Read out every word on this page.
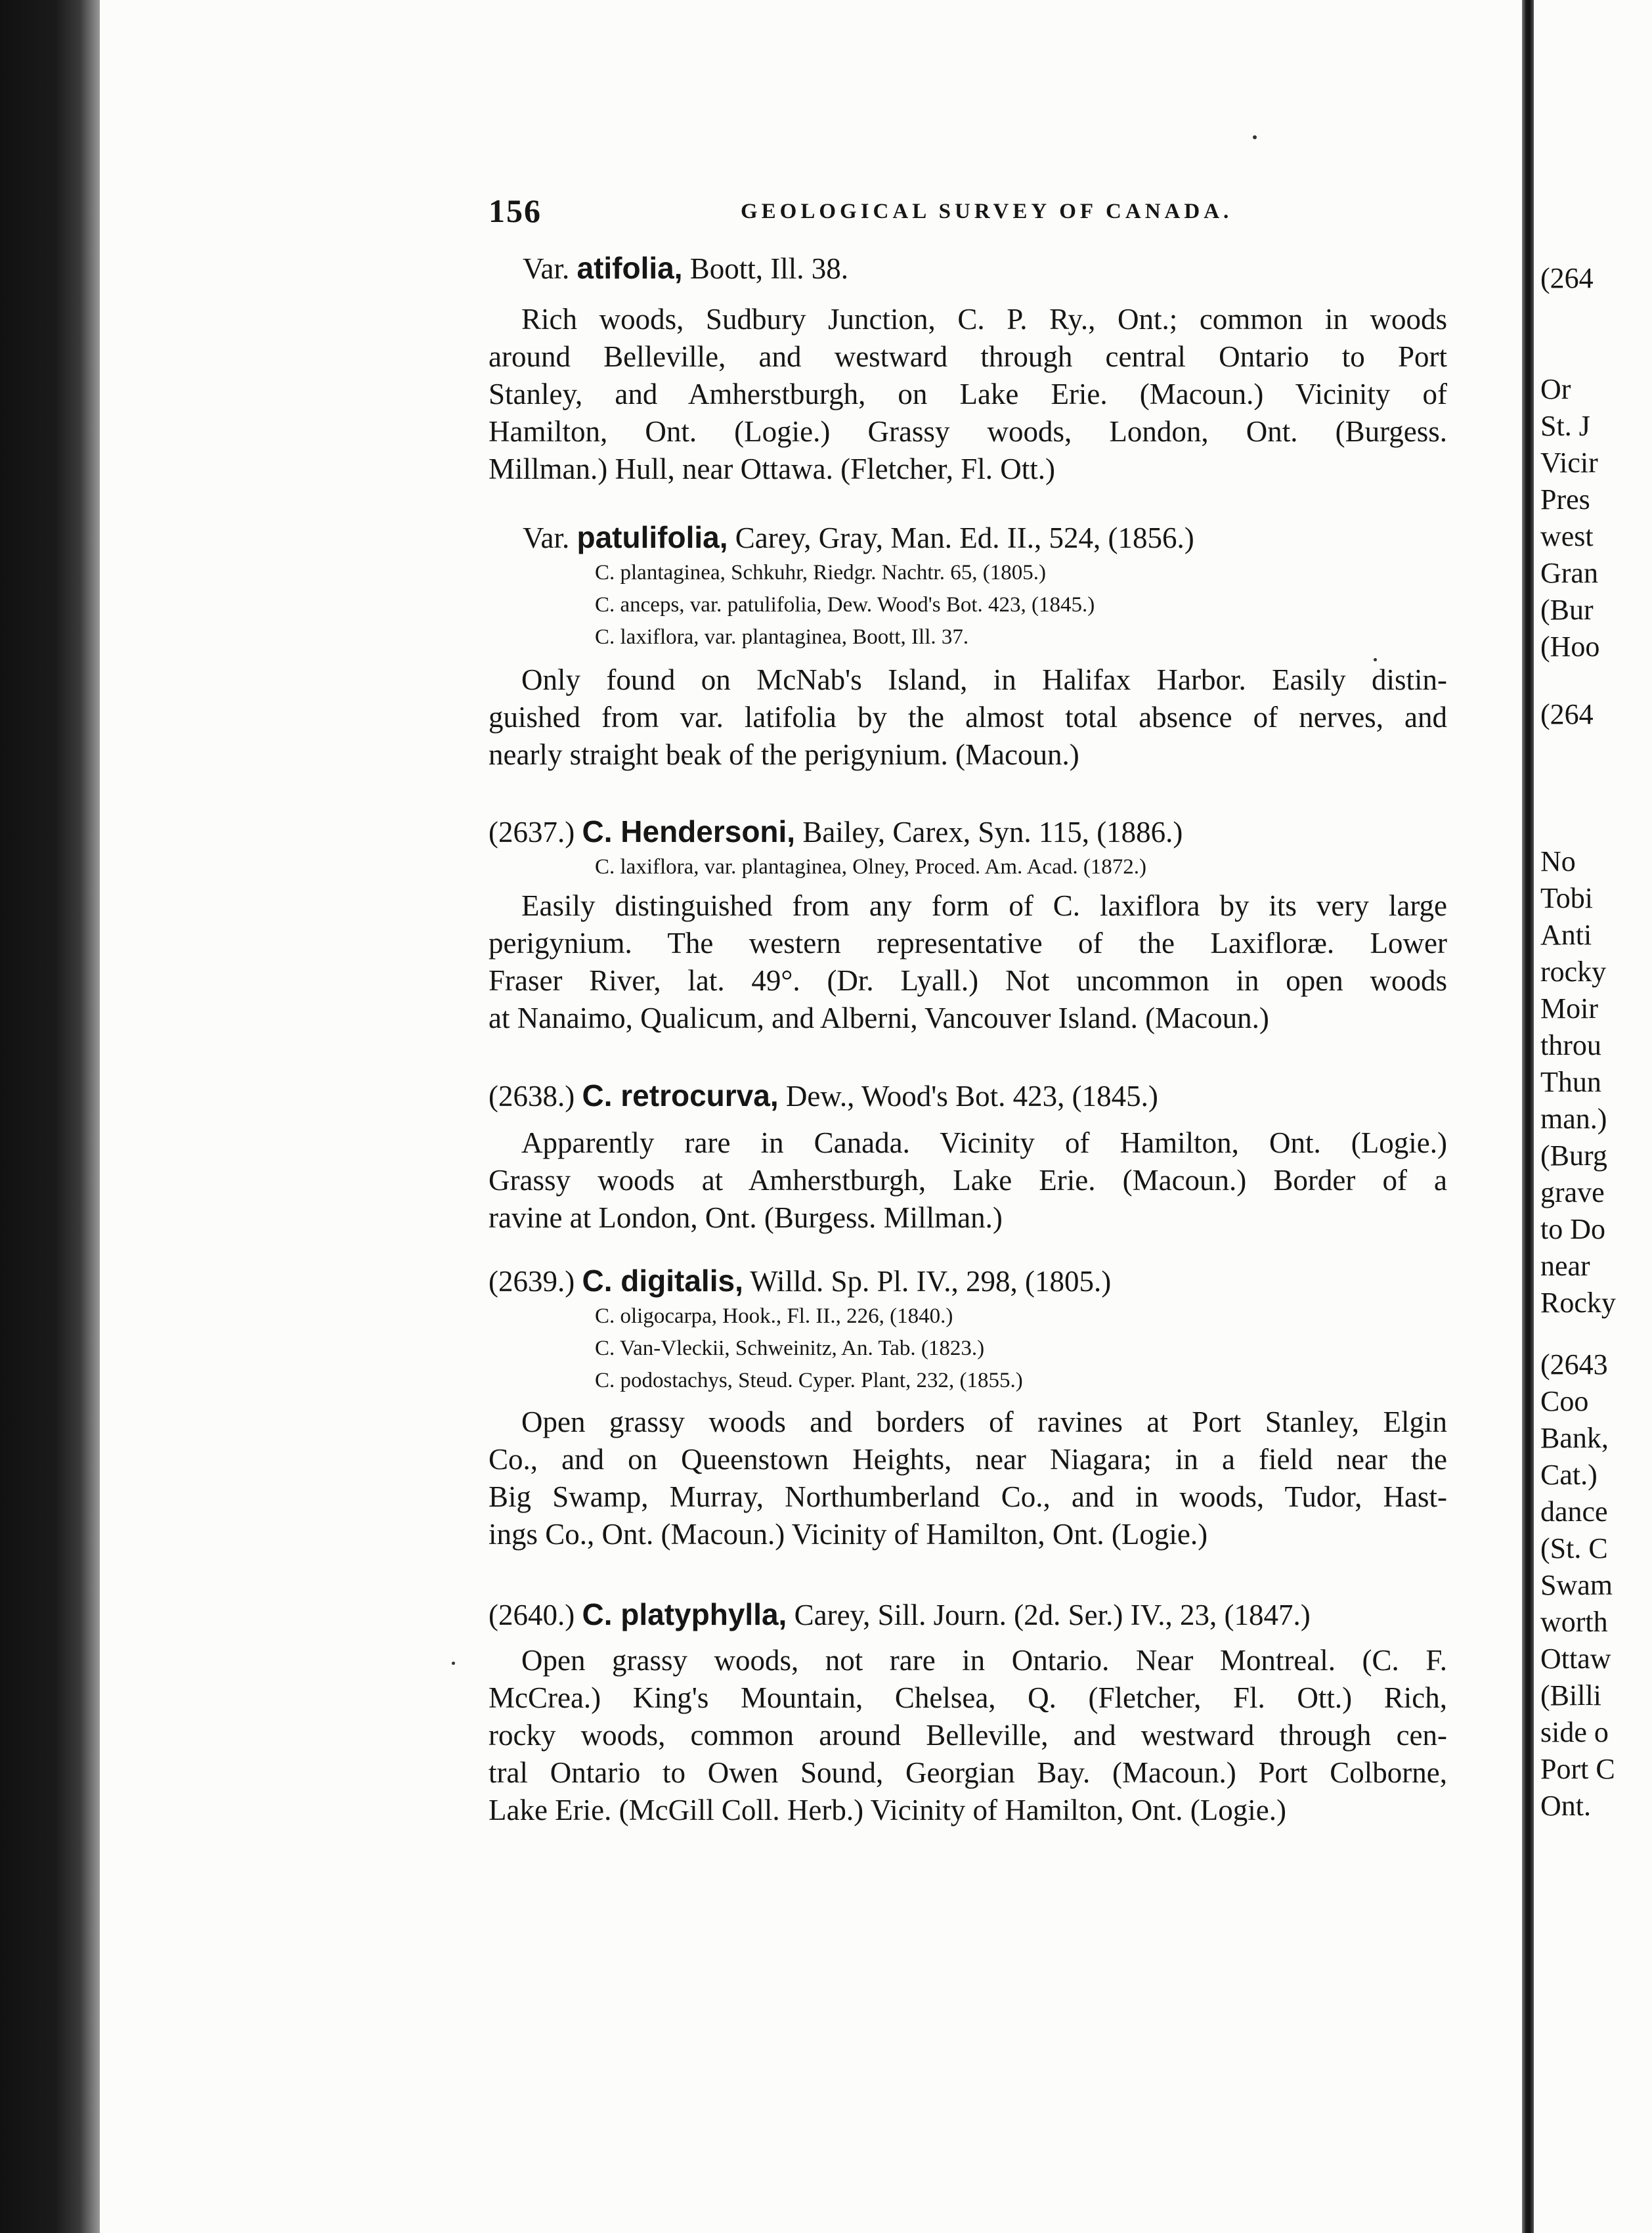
(264
Or
St. J
Vicir
Pres
west
Gran
(Bur
(Hoo
(264
No
Tobi
Anti
rocky
Moir
throu
Thun
man.)
(Burg
grave
to Do
near
Rocky
(2643
Coo
Bank,
Cat.)
dance
(St. C
Swam
worth
Ottaw
(Billi
side o
Port C
Ont.
156	GEOLOGICAL SURVEY OF CANADA.
Var. atifolia, Boott, Ill. 38.
Rich woods, Sudbury Junction, C. P. Ry., Ont.; common in woods
around Belleville, and westward through central Ontario to Port
Stanley, and Amherstburgh, on Lake Erie. (Macoun.) Vicinity of
Hamilton, Ont. (Logie.) Grassy woods, London, Ont. (Burgess.
Millman.) Hull, near Ottawa. (Fletcher, Fl. Ott.)
Var. patulifolia, Carey, Gray, Man. Ed. II., 524, (1856.)
C. plantaginea, Schkuhr, Riedgr. Nachtr. 65, (1805.)
C. anceps, var. patulifolia, Dew. Wood's Bot. 423, (1845.)
C. laxiflora, var. plantaginea, Boott, Ill. 37.
Only found on McNab's Island, in Halifax Harbor. Easily distin-
guished from var. latifolia by the almost total absence of nerves, and
nearly straight beak of the perigynium. (Macoun.)
(2637.) C. Hendersoni, Bailey, Carex, Syn. 115, (1886.)
C. laxiflora, var. plantaginea, Olney, Proced. Am. Acad. (1872.)
Easily distinguished from any form of C. laxiflora by its very large
perigynium. The western representative of the Laxifloræ. Lower
Fraser River, lat. 49°. (Dr. Lyall.) Not uncommon in open woods
at Nanaimo, Qualicum, and Alberni, Vancouver Island. (Macoun.)
(2638.) C. retrocurva, Dew., Wood's Bot. 423, (1845.)
Apparently rare in Canada. Vicinity of Hamilton, Ont. (Logie.)
Grassy woods at Amherstburgh, Lake Erie. (Macoun.) Border of a
ravine at London, Ont. (Burgess. Millman.)
(2639.) C. digitalis, Willd. Sp. Pl. IV., 298, (1805.)
C. oligocarpa, Hook., Fl. II., 226, (1840.)
C. Van-Vleckii, Schweinitz, An. Tab. (1823.)
C. podostachys, Steud. Cyper. Plant, 232, (1855.)
Open grassy woods and borders of ravines at Port Stanley, Elgin
Co., and on Queenstown Heights, near Niagara; in a field near the
Big Swamp, Murray, Northumberland Co., and in woods, Tudor, Hast-
ings Co., Ont. (Macoun.) Vicinity of Hamilton, Ont. (Logie.)
(2640.) C. platyphylla, Carey, Sill. Journ. (2d. Ser.) IV., 23, (1847.)
Open grassy woods, not rare in Ontario. Near Montreal. (C. F.
McCrea.) King's Mountain, Chelsea, Q. (Fletcher, Fl. Ott.) Rich,
rocky woods, common around Belleville, and westward through cen-
tral Ontario to Owen Sound, Georgian Bay. (Macoun.) Port Colborne,
Lake Erie. (McGill Coll. Herb.) Vicinity of Hamilton, Ont. (Logie.)
